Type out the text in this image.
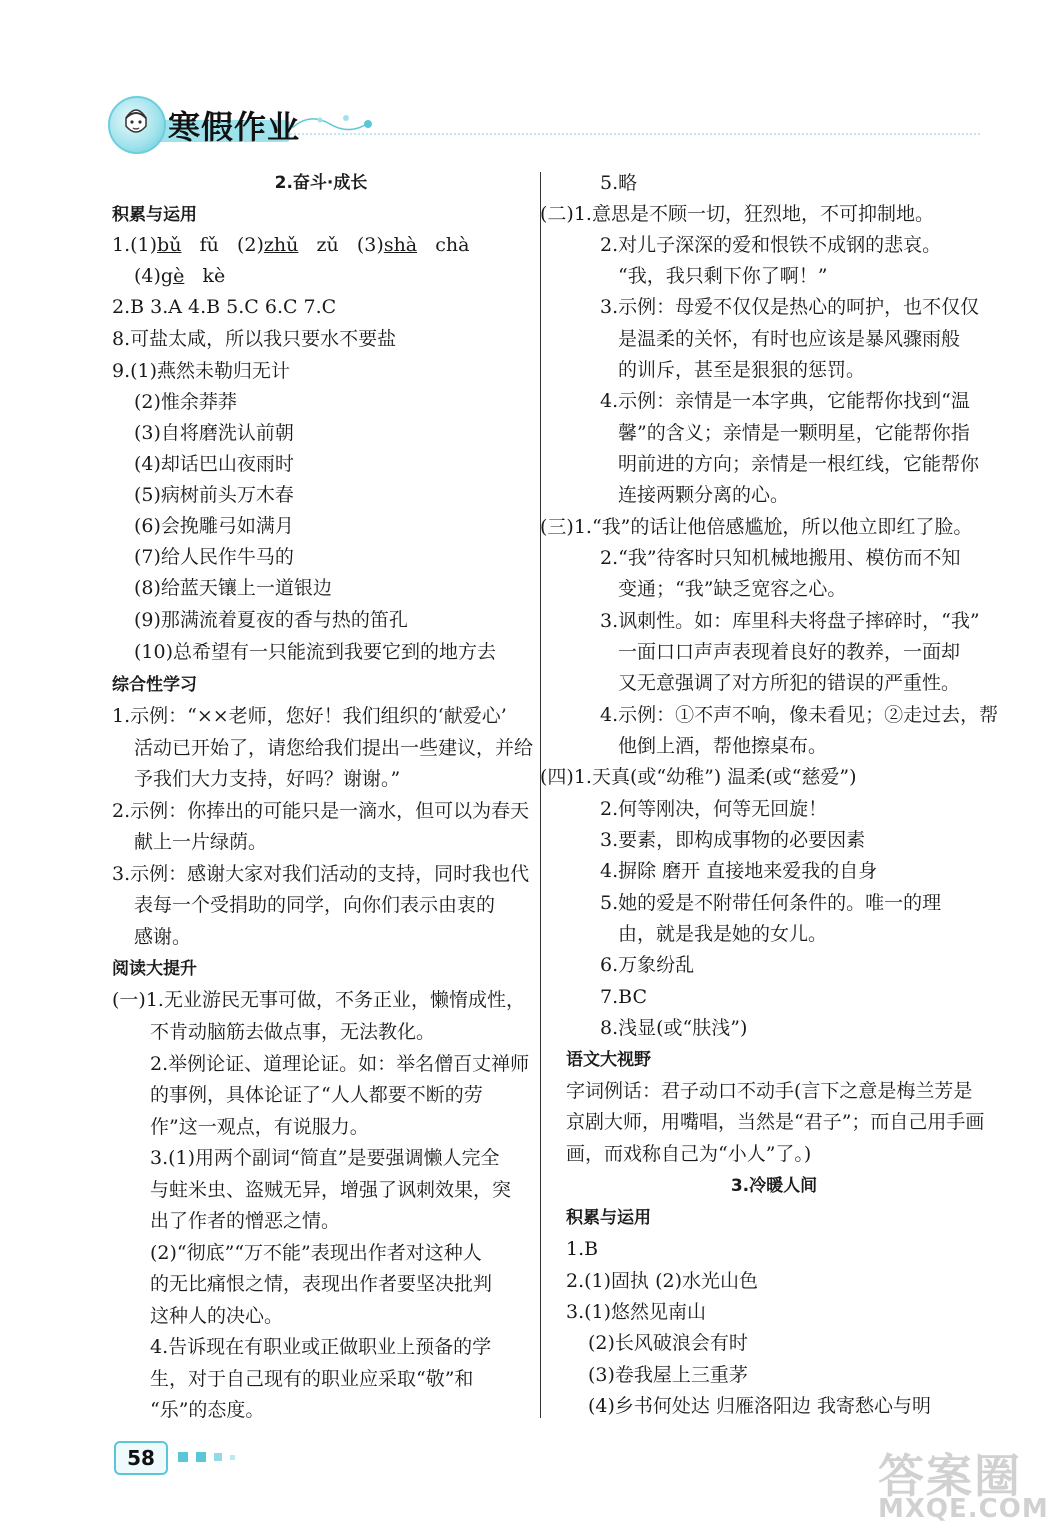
寒假作业
2.奋斗·成长
积累与运用
1.(1)bǔ fǔ (2)zhǔ zǔ (3)shà chà
(4)gè kè
2.B 3.A 4.B 5.C 6.C 7.C
8.可盐太咸，所以我只要水不要盐
9.(1)燕然未勒归无计
(2)惟余莽莽
(3)自将磨洗认前朝
(4)却话巴山夜雨时
(5)病树前头万木春
(6)会挽雕弓如满月
(7)给人民作牛马的
(8)给蓝天镶上一道银边
(9)那满流着夏夜的香与热的笛孔
(10)总希望有一只能流到我要它到的地方去
综合性学习
1.示例：“××老师，您好！我们组织的‘献爱心’
活动已开始了，请您给我们提出一些建议，并给
予我们大力支持，好吗？谢谢。”
2.示例：你捧出的可能只是一滴水，但可以为春天
献上一片绿荫。
3.示例：感谢大家对我们活动的支持，同时我也代
表每一个受捐助的同学，向你们表示由衷的
感谢。
阅读大提升
(一)1.无业游民无事可做，不务正业，懒惰成性，
不肯动脑筋去做点事，无法教化。
2.举例论证、道理论证。如：举名僧百丈禅师
的事例，具体论证了“人人都要不断的劳
作”这一观点，有说服力。
3.(1)用两个副词“简直”是要强调懒人完全
与蛀米虫、盗贼无异，增强了讽刺效果，突
出了作者的憎恶之情。
(2)“彻底”“万不能”表现出作者对这种人
的无比痛恨之情，表现出作者要坚决批判
这种人的决心。
4.告诉现在有职业或正做职业上预备的学
生，对于自己现有的职业应采取“敬”和
“乐”的态度。
5.略
(二)1.意思是不顾一切，狂烈地，不可抑制地。
2.对儿子深深的爱和恨铁不成钢的悲哀。
“我，我只剩下你了啊！”
3.示例：母爱不仅仅是热心的呵护，也不仅仅
是温柔的关怀，有时也应该是暴风骤雨般
的训斥，甚至是狠狠的惩罚。
4.示例：亲情是一本字典，它能帮你找到“温
馨”的含义；亲情是一颗明星，它能帮你指
明前进的方向；亲情是一根红线，它能帮你
连接两颗分离的心。
(三)1.“我”的话让他倍感尴尬，所以他立即红了脸。
2.“我”待客时只知机械地搬用、模仿而不知
变通；“我”缺乏宽容之心。
3.讽刺性。如：库里科夫将盘子摔碎时，“我”
一面口口声声表现着良好的教养，一面却
又无意强调了对方所犯的错误的严重性。
4.示例：①不声不响，像未看见；②走过去，帮
他倒上酒，帮他擦桌布。
(四)1.天真(或“幼稚”) 温柔(或“慈爱”)
2.何等刚决，何等无回旋！
3.要素，即构成事物的必要因素
4.摒除 磨开 直接地来爱我的自身
5.她的爱是不附带任何条件的。唯一的理
由，就是我是她的女儿。
6.万象纷乱
7.BC
8.浅显(或“肤浅”)
语文大视野
字词例话：君子动口不动手(言下之意是梅兰芳是
京剧大师，用嘴唱，当然是“君子”；而自己用手画
画，而戏称自己为“小人”了。)
3.冷暖人间
积累与运用
1.B
2.(1)固执 (2)水光山色
3.(1)悠然见南山
(2)长风破浪会有时
(3)卷我屋上三重茅
(4)乡书何处达 归雁洛阳边 我寄愁心与明
58	答案圈
MXQE.COM
